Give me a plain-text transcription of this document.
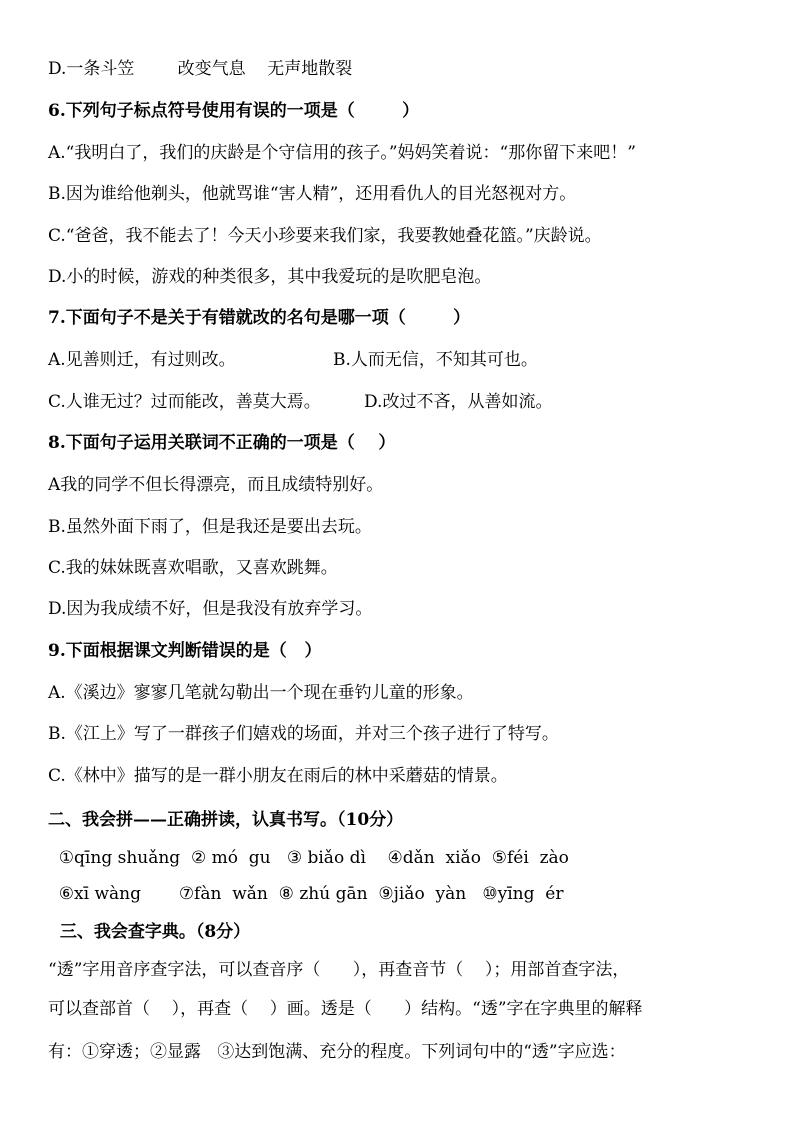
D.一条斗笠        改变气息    无声地散裂
6.下列句子标点符号使用有误的一项是（        ）
A.“我明白了，我们的庆龄是个守信用的孩子。”妈妈笑着说：“那你留下来吧！”
B.因为谁给他剃头，他就骂谁“害人精”，还用看仇人的目光怒视对方。
C.“爸爸，我不能去了！今天小珍要来我们家，我要教她叠花篮。”庆龄说。
D.小的时候，游戏的种类很多，其中我爱玩的是吹肥皂泡。
7.下面句子不是关于有错就改的名句是哪一项（        ）
A.见善则迁，有过则改。                  B.人而无信，不知其可也。
C.人谁无过？过而能改，善莫大焉。        D.改过不吝，从善如流。
8.下面句子运用关联词不正确的一项是（    ）
A我的同学不但长得漂亮，而且成绩特别好。
B.虽然外面下雨了，但是我还是要出去玩。
C.我的妹妹既喜欢唱歌，又喜欢跳舞。
D.因为我成绩不好，但是我没有放弃学习。
9.下面根据课文判断错误的是（   ）
A.《溪边》寥寥几笔就勾勒出一个现在垂钓儿童的形象。
B.《江上》写了一群孩子们嬉戏的场面，并对三个孩子进行了特写。
C.《林中》描写的是一群小朋友在雨后的林中采蘑菇的情景。
二、我会拼——正确拼读，认真书写。（10分）
①qīng shuǎng  ② mó  gu   ③ biǎo dì    ④dǎn  xiǎo  ⑤féi  zào
⑥xī wàng       ⑦fàn  wǎn  ⑧ zhú gān  ⑨jiǎo  yàn   ⑩yīng  ér
三、我会查字典。（8分）
“透”字用音序查字法，可以查音序（      ），再查音节（    ）；用部首查字法，
可以查部首（    ），再查（    ）画。透是（      ）结构。“透”字在字典里的解释
有：①穿透；②显露   ③达到饱满、充分的程度。下列词句中的“透”字应选：
